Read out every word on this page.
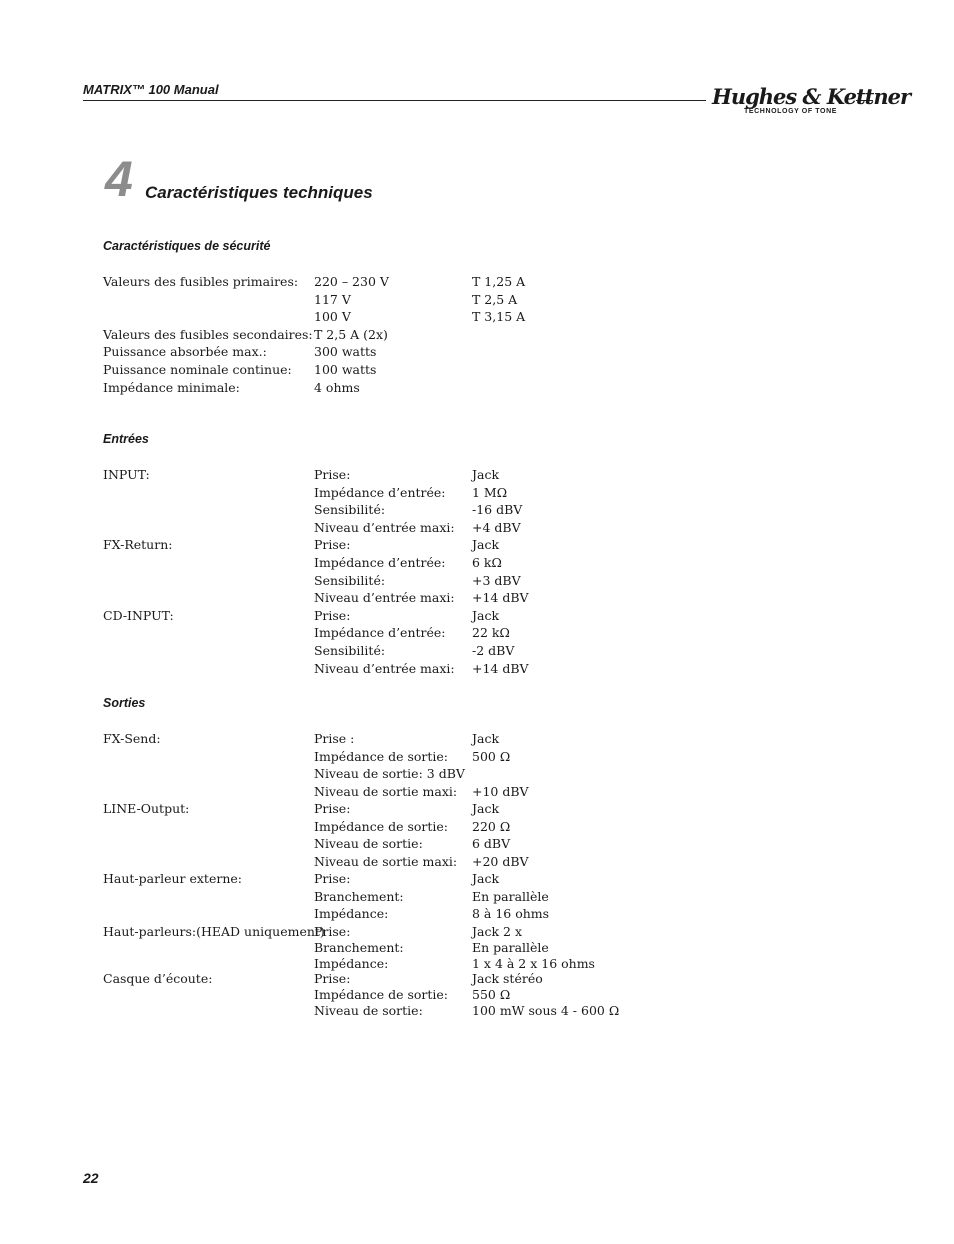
MATRIX™ 100 Manual	Hughes & Kettner
TECHNOLOGY OF TONE
4 Caractéristiques techniques
Caractéristiques de sécurité
Valeurs des fusibles primaires: 220 – 230 V	T 1,25 A
117 V	T 2,5 A
100 V	T 3,15 A
Valeurs des fusibles secondaires: T 2,5 A (2x)
Puissance absorbée max.:	300 watts
Puissance nominale continue: 100 watts
Impédance minimale:	4 ohms
Entrées
INPUT:	Prise:	Jack
Impédance d’entrée: 1 MΩ
Sensibilité:	-16 dBV
Niveau d’entrée maxi: +4 dBV
FX-Return:	Prise:	Jack
Impédance d’entrée: 6 kΩ
Sensibilité:	+3 dBV
Niveau d’entrée maxi: +14 dBV
CD-INPUT:	Prise:	Jack
Impédance d’entrée: 22 kΩ
Sensibilité:	-2 dBV
Niveau d’entrée maxi: +14 dBV
Sorties
FX-Send:	Prise :	Jack
Impédance de sortie: 500 Ω
Niveau de sortie: 3 dBV
Niveau de sortie maxi: +10 dBV
LINE-Output:	Prise:	Jack
Impédance de sortie: 220 Ω
Niveau de sortie:	6 dBV
Niveau de sortie maxi: +20 dBV
Haut-parleur externe:	Prise:	Jack
Branchement:	En parallèle
Impédance:	8 à 16 ohms
Haut-parleurs:(HEAD uniquement)
Prise:	Jack 2 x
Branchement:	En parallèle
Impédance:	1 x 4 à 2 x 16 ohms
Casque d’écoute:	Prise:	Jack stéréo
Impédance de sortie: 550 Ω
Niveau de sortie:	100 mW sous 4 - 600 Ω
22
